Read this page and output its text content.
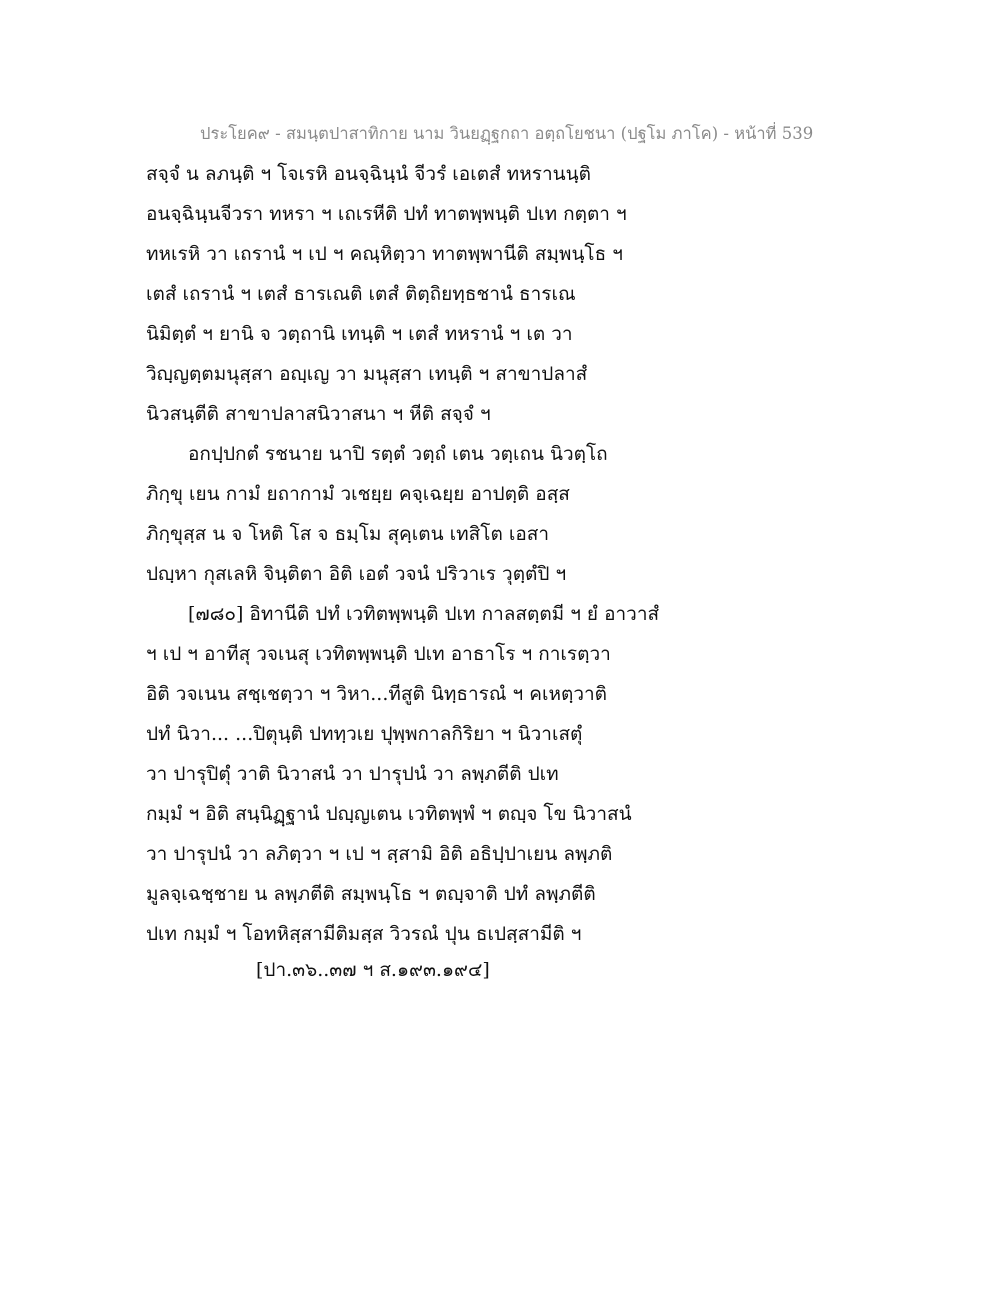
ประโยค๙ - สมนฺตปาสาทิกาย นาม วินยฏฺฐกถา อตฺถโยชนา (ปฐโม ภาโค) - หน้าที่ 539
สจฺจํ น ลภนฺติ ฯ โจเรหิ อนจฺฉินฺนํ จีวรํ เอเตสํ ทหรานนฺติ
อนจฺฉินฺนจีวรา ทหรา ฯ เถเรหีติ ปทํ ทาตพฺพนฺติ ปเท กตฺตา ฯ
ทหเรหิ วา เถรานํ ฯ เป ฯ คณฺหิตฺวา ทาตพฺพานีติ สมฺพนฺโธ ฯ
เตสํ เถรานํ ฯ เตสํ ธารเณติ เตสํ ติตฺถิยทฺธชานํ ธารเณ
นิมิตฺตํ ฯ ยานิ จ วตฺถานิ เทนฺติ ฯ เตสํ ทหรานํ ฯ เต วา
วิญฺญตฺตมนุสฺสา อญฺเญ วา มนุสฺสา เทนฺติ ฯ สาขาปลาสํ
นิวสนฺตีติ สาขาปลาสนิวาสนา ฯ หีติ สจฺจํ ฯ
อกปฺปกตํ รชนาย นาปิ รตฺตํ วตฺถํ เตน วตฺเถน นิวตฺโถ
ภิกฺขุ เยน กามํ ยถากามํ วเชยฺย คจฺเฉยฺย อาปตฺติ อสฺส
ภิกฺขุสฺส น จ โหติ โส จ ธมฺโม สุคฺเตน เทสิโต เอสา
ปญฺหา กุสเลหิ จินฺติตา อิติ เอตํ วจนํ ปริวาเร วุตฺตํปิ ฯ
[๗๘๐] อิทานีติ ปทํ เวทิตพฺพนฺติ ปเท กาลสตฺตมี ฯ ยํ อาวาสํ
ฯ เป ฯ อาทีสุ วจเนสุ เวทิตพฺพนฺติ ปเท อาธาโร ฯ กาเรตฺวา
อิติ วจเนน สชฺเชตฺวา ฯ วิหา...ทีสูติ นิทฺธารณํ ฯ คเหตฺวาติ
ปทํ นิวา... ...ปิตุนฺติ ปททฺวเย ปุพฺพกาลกิริยา ฯ นิวาเสตุํ
วา ปารุปิตุํ วาติ นิวาสนํ วา ปารุปนํ วา ลพฺภตีติ ปเท
กมฺมํ ฯ อิติ สนฺนิฏฺฐานํ ปญฺญเตน เวทิตพฺพํ ฯ ตญฺจ โข นิวาสนํ
วา ปารุปนํ วา ลภิตฺวา ฯ เป ฯ สฺสามิ อิติ อธิปฺปาเยน ลพฺภติ
มูลจฺเฉชฺชาย น ลพฺภตีติ สมฺพนฺโธ ฯ ตญฺจาติ ปทํ ลพฺภตีติ
ปเท กมฺมํ ฯ โอทหิสฺสามีติมสฺส วิวรณํ ปุน ธเปสฺสามีติ ฯ
[ปา.๓๖..๓๗ ฯ ส.๑๙๓.๑๙๔]
